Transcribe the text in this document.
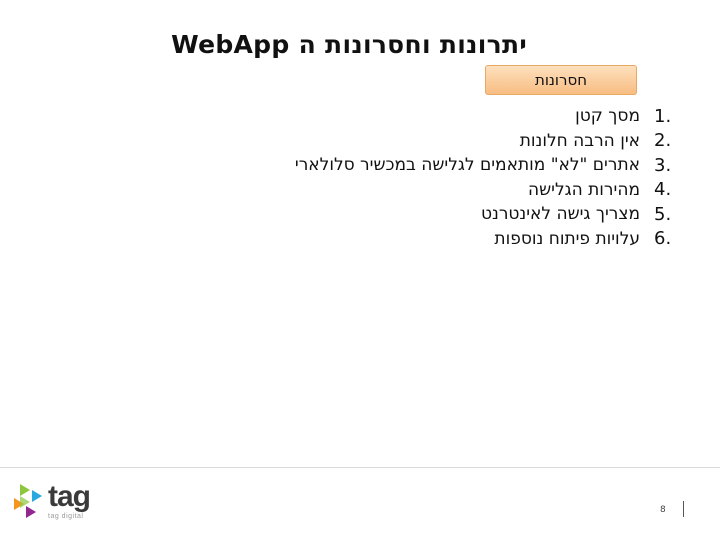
יתרונות וחסרונות ה WebApp
חסרונות
מסך קטן 1.
אין הרבה חלונות 2.
אתרים "לא" מותאמים לגלישה במכשיר סלולארי 3.
מהירות הגלישה 4.
מצריך גישה לאינטרנט 5.
עלויות פיתוח נוספות 6.
tag
tag digital
8
